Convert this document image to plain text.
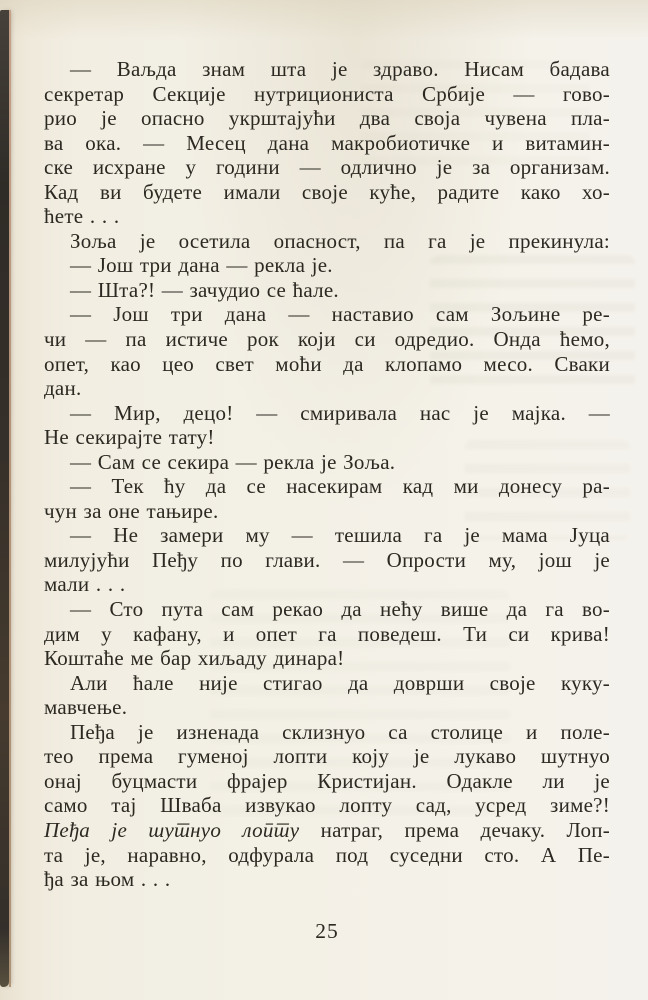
— Ваљда знам шта је здраво. Нисам бадава
секретар Секције нутрициониста Србије — гово-
рио је опасно укрштајући два своја чувена пла-
ва ока. — Месец дана макробиотичке и витамин-
ске исхране у години — одлично је за организам.
Кад ви будете имали своје куће, радите како хо-
ћете . . .
Зоља је осетила опасност, па га је прекинула:
— Још три дана — рекла је.
— Шта?! — зачудио се ћале.
— Још три дана — наставио сам Зољине ре-
чи — па истиче рок који си одредио. Онда ћемо,
опет, као цео свет моћи да клопамо месо. Сваки
дан.
— Мир, децо! — смиривала нас је мајка. —
Не секирајте тату!
— Сам се секира — рекла је Зоља.
— Тек ћу да се насекирам кад ми донесу ра-
чун за оне тањире.
— Не замери му — тешила га је мама Јуца
милујући Пеђу по глави. — Опрости му, још је
мали . . .
— Сто пута сам рекао да нећу више да га во-
дим у кафану, и опет га поведеш. Ти си крива!
Коштаће ме бар хиљаду динара!
Али ћале није стигао да доврши своје куку-
мавчење.
Пеђа је изненада склизнуо са столице и поле-
тео према гуменој лопти коју је лукаво шутнуо
онај буцмасти фрајер Кристијан. Одакле ли је
само тај Шваба извукао лопту сад, усред зиме?!
Пеђа је шутнуо лопту натраг, према дечаку. Лоп-
та је, наравно, одфурала под суседни сто. А Пе-
ђа за њом . . .
25
